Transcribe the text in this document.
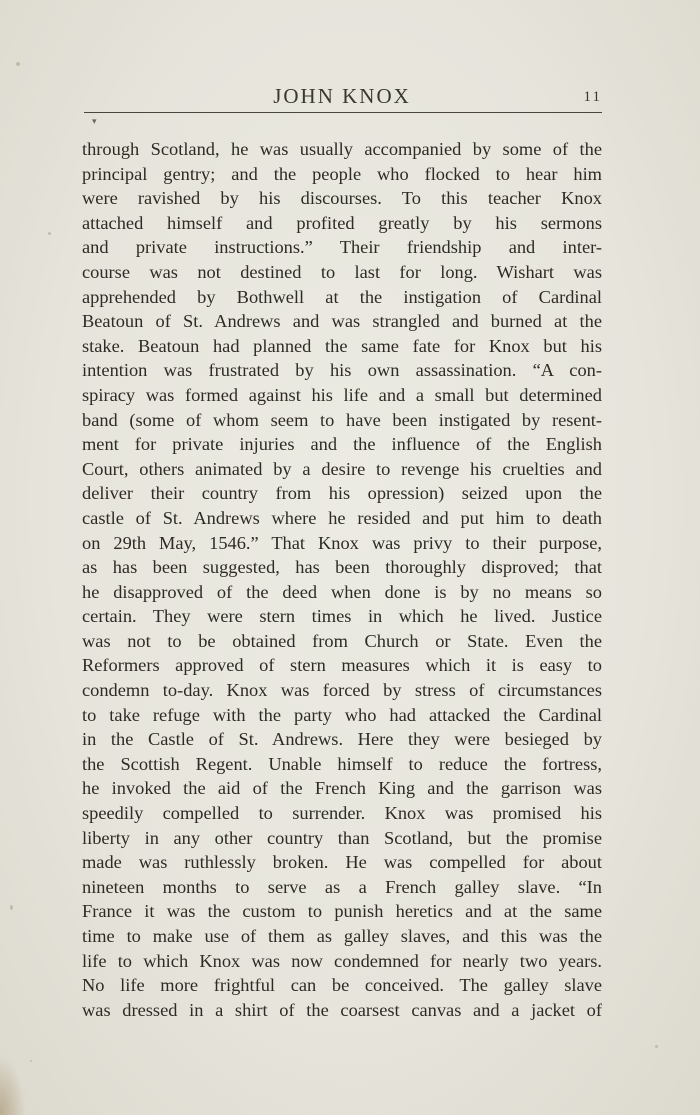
JOHN KNOX	11
▾
through Scotland, he was usually accompanied by some of the
principal gentry; and the people who flocked to hear him
were ravished by his discourses. To this teacher Knox
attached himself and profited greatly by his sermons
and private instructions.” Their friendship and inter-
course was not destined to last for long. Wishart was
apprehended by Bothwell at the instigation of Cardinal
Beatoun of St. Andrews and was strangled and burned at the
stake. Beatoun had planned the same fate for Knox but his
intention was frustrated by his own assassination. “A con-
spiracy was formed against his life and a small but determined
band (some of whom seem to have been instigated by resent-
ment for private injuries and the influence of the English
Court, others animated by a desire to revenge his cruelties and
deliver their country from his opression) seized upon the
castle of St. Andrews where he resided and put him to death
on 29th May, 1546.” That Knox was privy to their purpose,
as has been suggested, has been thoroughly disproved; that
he disapproved of the deed when done is by no means so
certain. They were stern times in which he lived. Justice
was not to be obtained from Church or State. Even the
Reformers approved of stern measures which it is easy to
condemn to-day. Knox was forced by stress of circumstances
to take refuge with the party who had attacked the Cardinal
in the Castle of St. Andrews. Here they were besieged by
the Scottish Regent. Unable himself to reduce the fortress,
he invoked the aid of the French King and the garrison was
speedily compelled to surrender. Knox was promised his
liberty in any other country than Scotland, but the promise
made was ruthlessly broken. He was compelled for about
nineteen months to serve as a French galley slave. “In
France it was the custom to punish heretics and at the same
time to make use of them as galley slaves, and this was the
life to which Knox was now condemned for nearly two years.
No life more frightful can be conceived. The galley slave
was dressed in a shirt of the coarsest canvas and a jacket of
